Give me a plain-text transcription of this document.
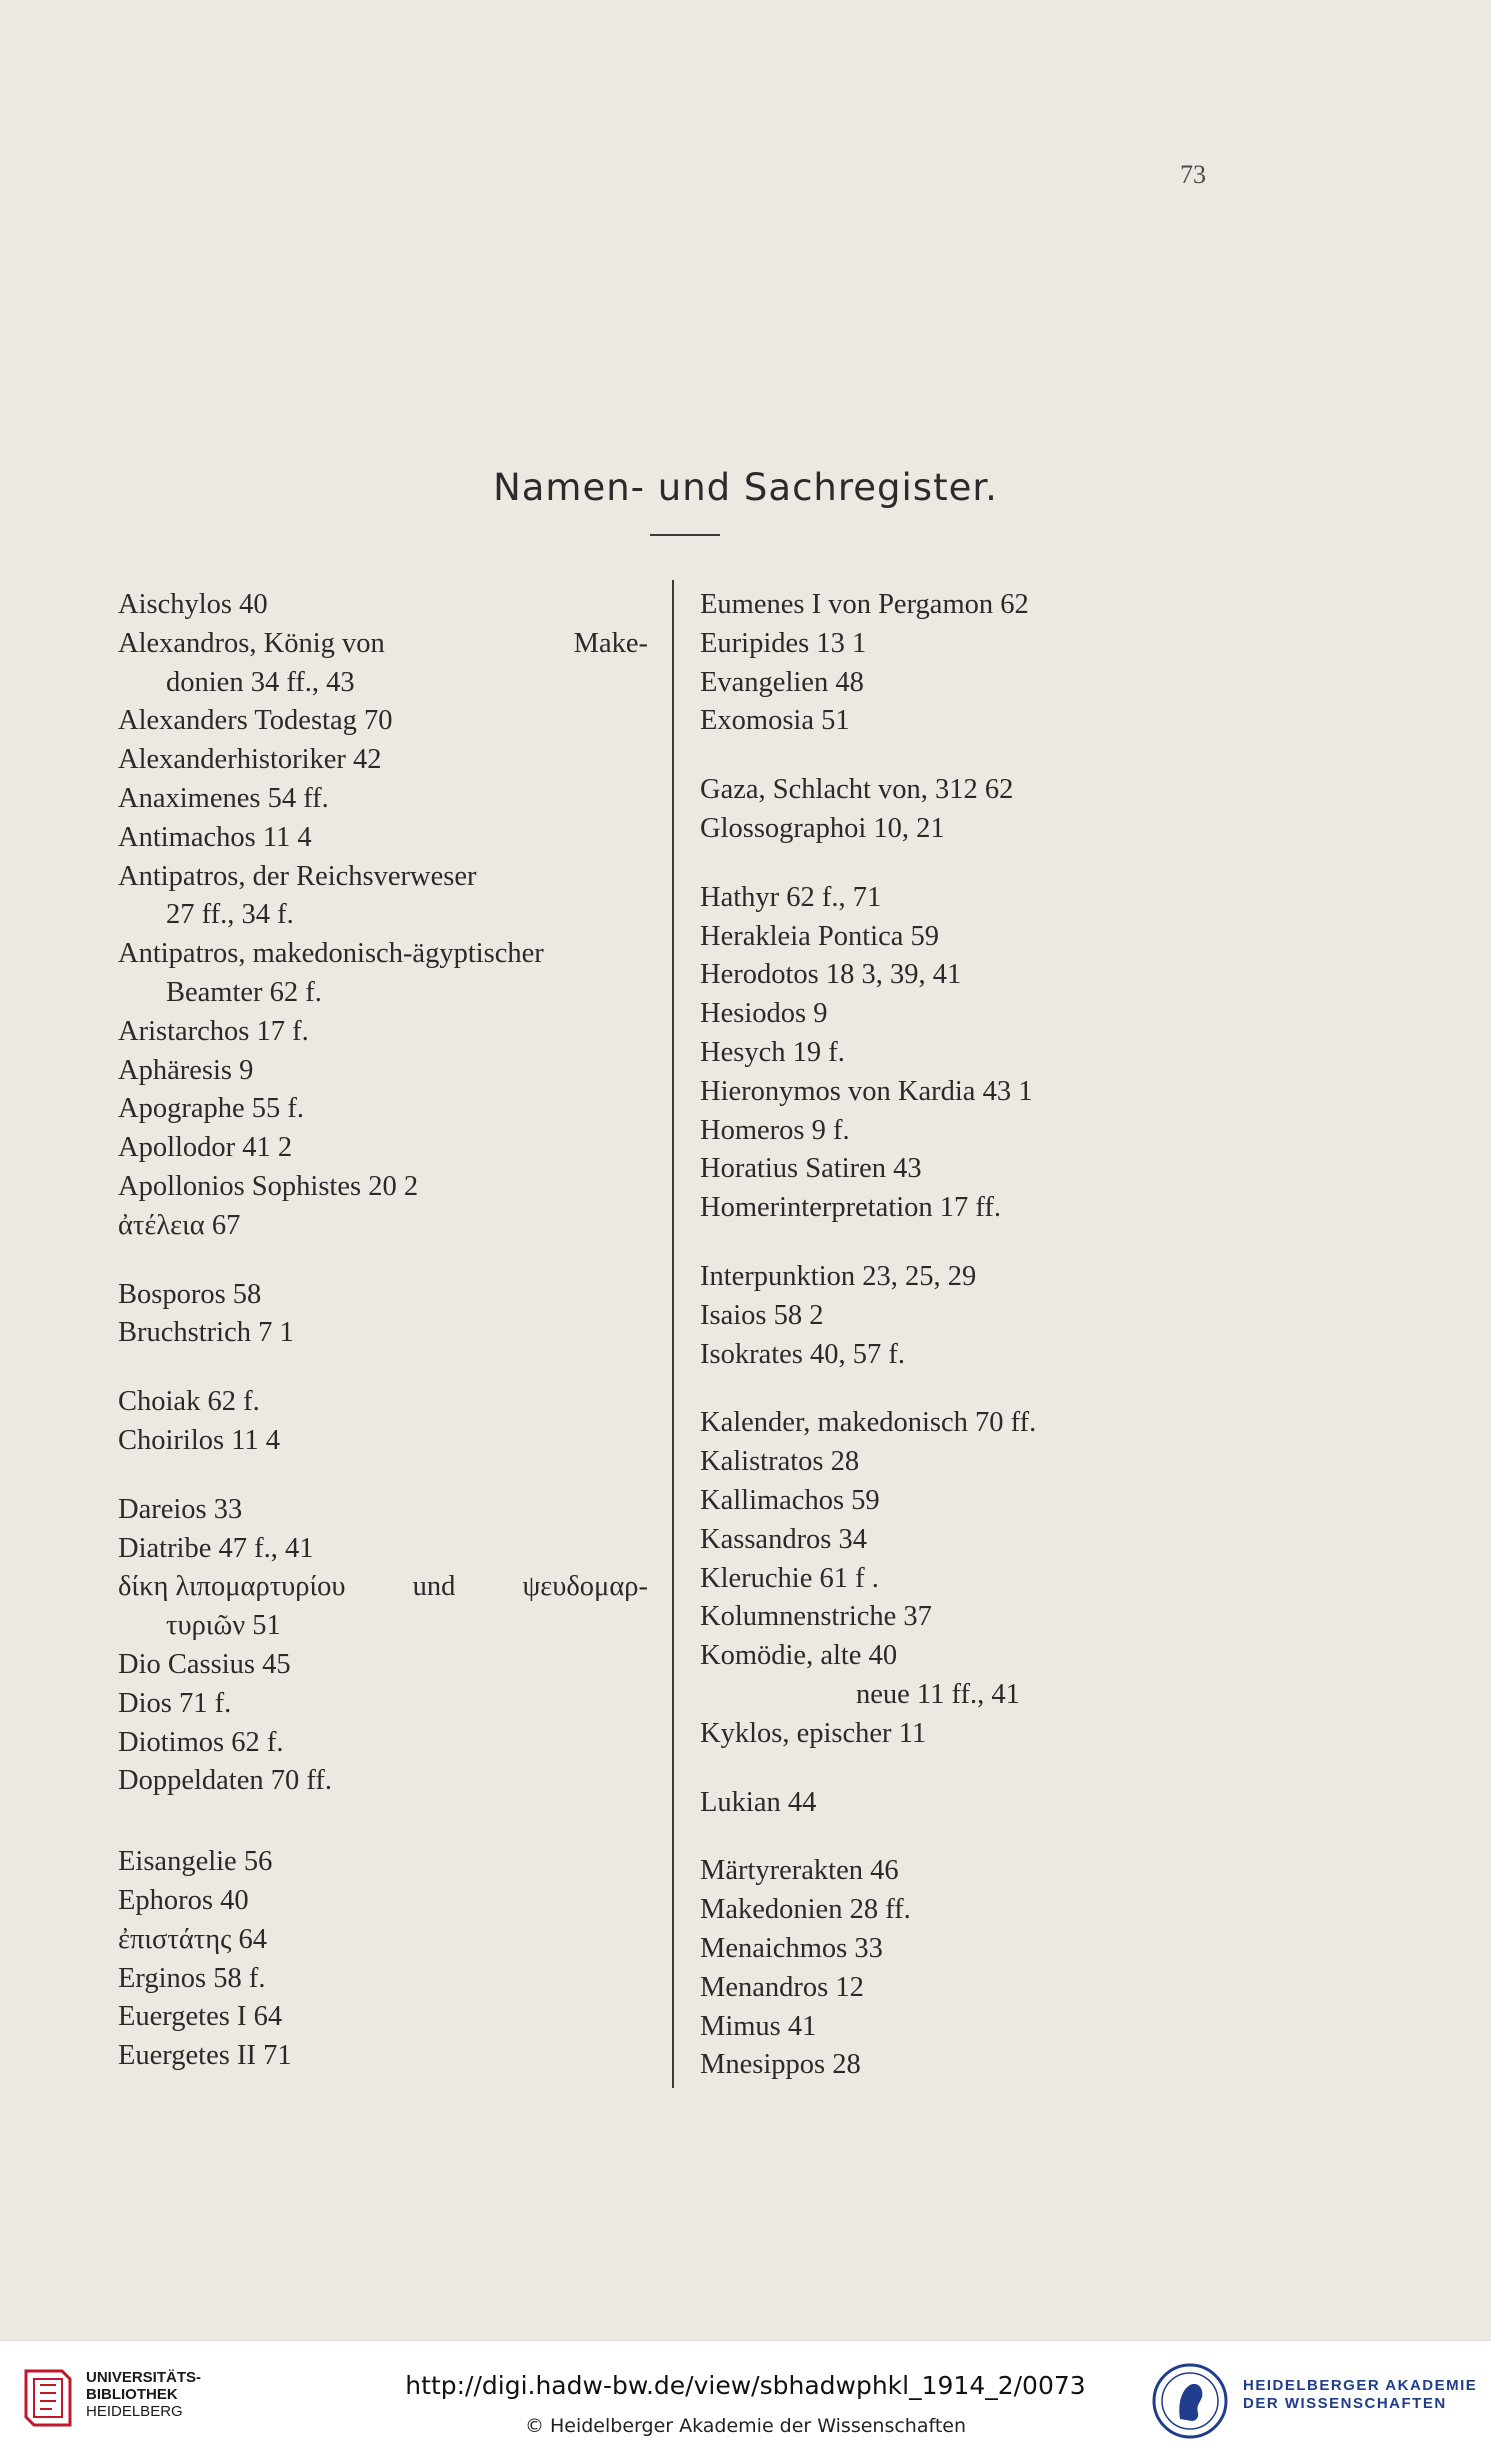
73
Namen- und Sachregister.
Aischylos 40
Alexandros, König von	Make-
donien 34 ff., 43
Alexanders Todestag 70
Alexanderhistoriker 42
Anaximenes 54 ff.
Antimachos 11 4
Antipatros, der Reichsverweser
27 ff., 34 f.
Antipatros, makedonisch-ägyptischer
Beamter 62 f.
Aristarchos 17 f.
Aphäresis 9
Apographe 55 f.
Apollodor 41 2
Apollonios Sophistes 20 2
ἀτέλεια 67
Bosporos 58
Bruchstrich 7 1
Choiak 62 f.
Choirilos 11 4
Dareios 33
Diatribe 47 f., 41
δίκη λιπομαρτυρίου und ψευδομαρ-
τυριῶν 51
Dio Cassius 45
Dios 71 f.
Diotimos 62 f.
Doppeldaten 70 ff.
Eisangelie 56
Ephoros 40
ἐπιστάτης 64
Erginos 58 f.
Euergetes I 64
Euergetes II 71
Eumenes I von Pergamon 62
Euripides 13 1
Evangelien 48
Exomosia 51
Gaza, Schlacht von, 312 62
Glossographoi 10, 21
Hathyr 62 f., 71
Herakleia Pontica 59
Herodotos 18 3, 39, 41
Hesiodos 9
Hesych 19 f.
Hieronymos von Kardia 43 1
Homeros 9 f.
Horatius Satiren 43
Homerinterpretation 17 ff.
Interpunktion 23, 25, 29
Isaios 58 2
Isokrates 40, 57 f.
Kalender, makedonisch 70 ff.
Kalistratos 28
Kallimachos 59
Kassandros 34
Kleruchie 61 f .
Kolumnenstriche 37
Komödie, alte 40
neue 11 ff., 41
Kyklos, epischer 11
Lukian 44
Märtyrerakten 46
Makedonien 28 ff.
Menaichmos 33
Menandros 12
Mimus 41
Mnesippos 28
UNIVERSITÄTS-
BIBLIOTHEK
HEIDELBERG
http://digi.hadw-bw.de/view/sbhadwphkl_1914_2/0073
© Heidelberger Akademie der Wissenschaften
HEIDELBERGER AKADEMIE
DER WISSENSCHAFTEN
